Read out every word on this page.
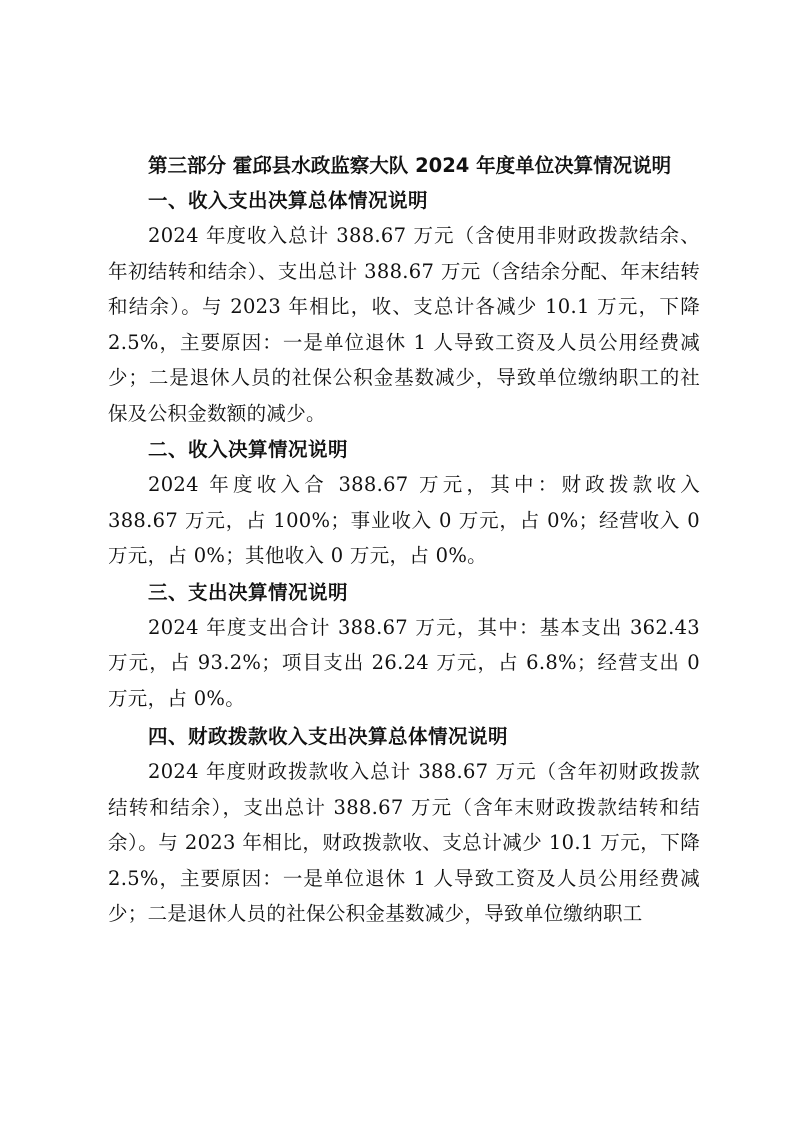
第三部分 霍邱县水政监察大队 2024 年度单位决算情况说明
一、收入支出决算总体情况说明

2024 年度收入总计 388.67 万元（含使用非财政拨款结余、年初结转和结余）、支出总计 388.67 万元（含结余分配、年末结转和结余）。与 2023 年相比，收、支总计各减少 10.1 万元，下降 2.5%，主要原因：一是单位退休 1 人导致工资及人员公用经费减少；二是退休人员的社保公积金基数减少，导致单位缴纳职工的社保及公积金数额的减少。

二、收入决算情况说明

2024 年度收入合 388.67 万元，其中：财政拨款收入 388.67 万元，占 100%；事业收入 0 万元，占 0%；经营收入 0 万元，占 0%；其他收入 0 万元，占 0%。

三、支出决算情况说明

2024 年度支出合计 388.67 万元，其中：基本支出 362.43 万元，占 93.2%；项目支出 26.24 万元，占 6.8%；经营支出 0 万元，占 0%。

四、财政拨款收入支出决算总体情况说明

2024 年度财政拨款收入总计 388.67 万元（含年初财政拨款结转和结余），支出总计 388.67 万元（含年末财政拨款结转和结余）。与 2023 年相比，财政拨款收、支总计减少 10.1 万元，下降 2.5%，主要原因：一是单位退休 1 人导致工资及人员公用经费减少；二是退休人员的社保公积金基数减少，导致单位缴纳职工
